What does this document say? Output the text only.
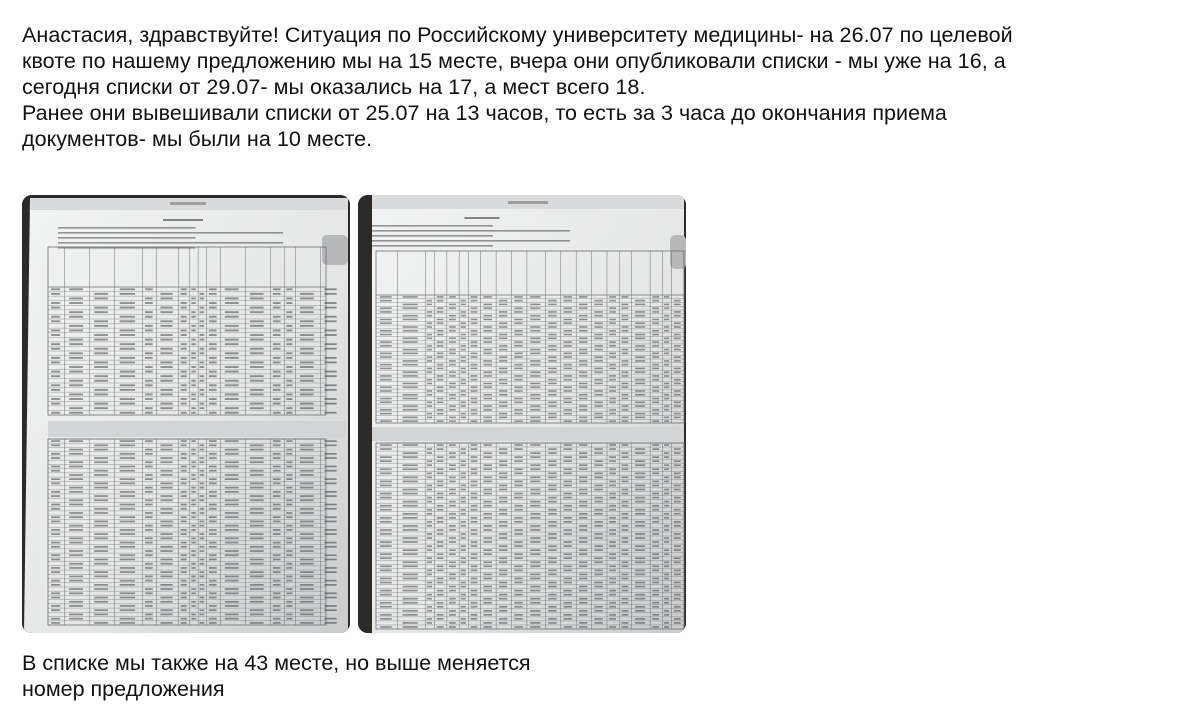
Анастасия, здравствуйте! Ситуация по Российскому университету медицины- на 26.07 по целевой

квоте по нашему предложению мы на 15 месте, вчера они опубликовали списки - мы уже на 16, а

сегодня списки от 29.07- мы оказались на 17, а мест всего 18.

Ранее они вывешивали списки от 25.07 на 13 часов, то есть за 3 часа до окончания приема

документов- мы были на 10 месте.

В списке мы также на 43 месте, но выше меняется

номер предложения
